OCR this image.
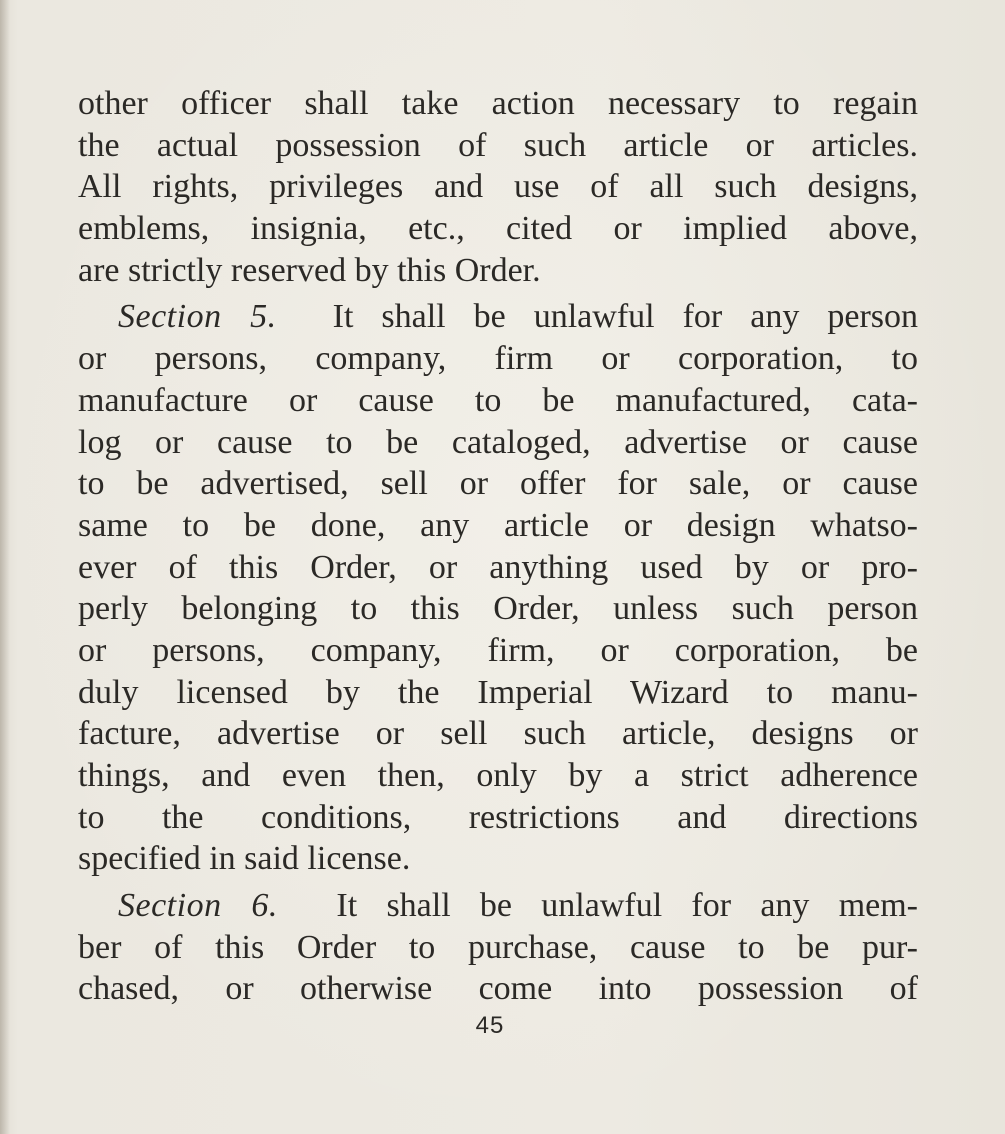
other officer shall take action necessary to regain
the actual possession of such article or articles.
All rights, privileges and use of all such designs,
emblems, insignia, etc., cited or implied above,
are strictly reserved by this Order.
Section 5. It shall be unlawful for any person
or persons, company, firm or corporation, to
manufacture or cause to be manufactured, cata-
log or cause to be cataloged, advertise or cause
to be advertised, sell or offer for sale, or cause
same to be done, any article or design whatso-
ever of this Order, or anything used by or pro-
perly belonging to this Order, unless such person
or persons, company, firm, or corporation, be
duly licensed by the Imperial Wizard to manu-
facture, advertise or sell such article, designs or
things, and even then, only by a strict adherence
to the conditions, restrictions and directions
specified in said license.
Section 6. It shall be unlawful for any mem-
ber of this Order to purchase, cause to be pur-
chased, or otherwise come into possession of
45
